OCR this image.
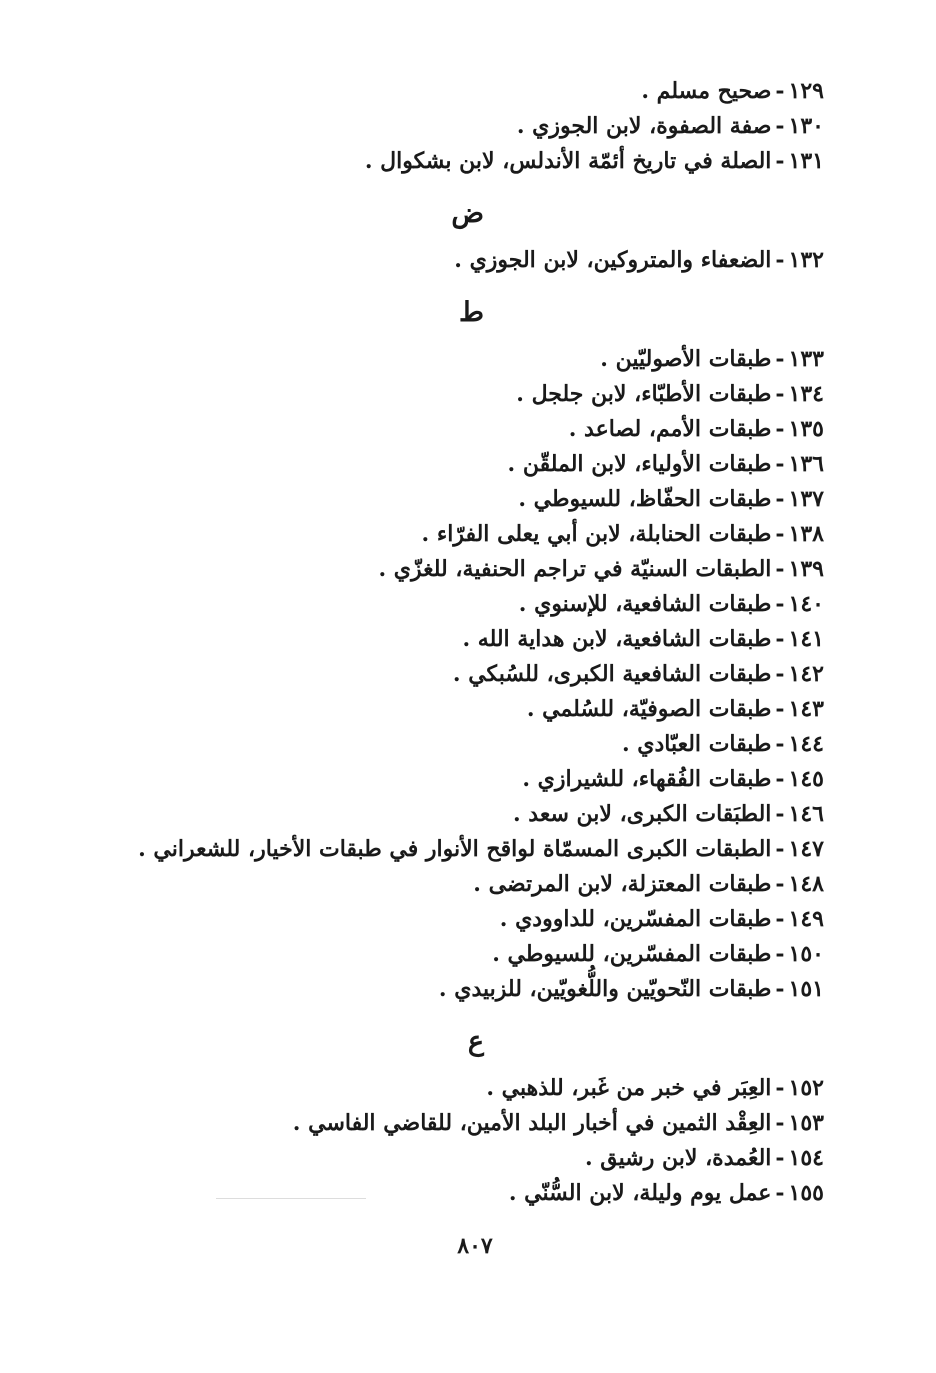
١٢٩-صحيح مسلم .
١٣٠-صفة الصفوة، لابن الجوزي .
١٣١-الصلة في تاريخ أئمّة الأندلس، لابن بشكوال .
ض
١٣٢-الضعفاء والمتروكين، لابن الجوزي .
ط
١٣٣-طبقات الأصوليّين .
١٣٤-طبقات الأطبّاء، لابن جلجل .
١٣٥-طبقات الأمم، لصاعد .
١٣٦-طبقات الأولياء، لابن الملقّن .
١٣٧-طبقات الحفّاظ، للسيوطي .
١٣٨-طبقات الحنابلة، لابن أبي يعلى الفرّاء .
١٣٩-الطبقات السنيّة في تراجم الحنفية، للغزّي .
١٤٠-طبقات الشافعية، للإسنوي .
١٤١-طبقات الشافعية، لابن هداية الله .
١٤٢-طبقات الشافعية الكبرى، للسُبكي .
١٤٣-طبقات الصوفيّة، للسُلمي .
١٤٤-طبقات العبّادي .
١٤٥-طبقات الفُقهاء، للشيرازي .
١٤٦-الطبَقات الكبرى، لابن سعد .
١٤٧-الطبقات الكبرى المسمّاة لواقح الأنوار في طبقات الأخيار، للشعراني .
١٤٨-طبقات المعتزلة، لابن المرتضى .
١٤٩-طبقات المفسّرين، للداوودي .
١٥٠-طبقات المفسّرين، للسيوطي .
١٥١-طبقات النّحويّين واللُّغويّين، للزبيدي .
ع
١٥٢-العِبَر في خبر من غَبر، للذهبي .
١٥٣-العِقْد الثمين في أخبار البلد الأمين، للقاضي الفاسي .
١٥٤-العُمدة، لابن رشيق .
١٥٥-عمل يوم وليلة، لابن السُّنّي .
٨٠٧
